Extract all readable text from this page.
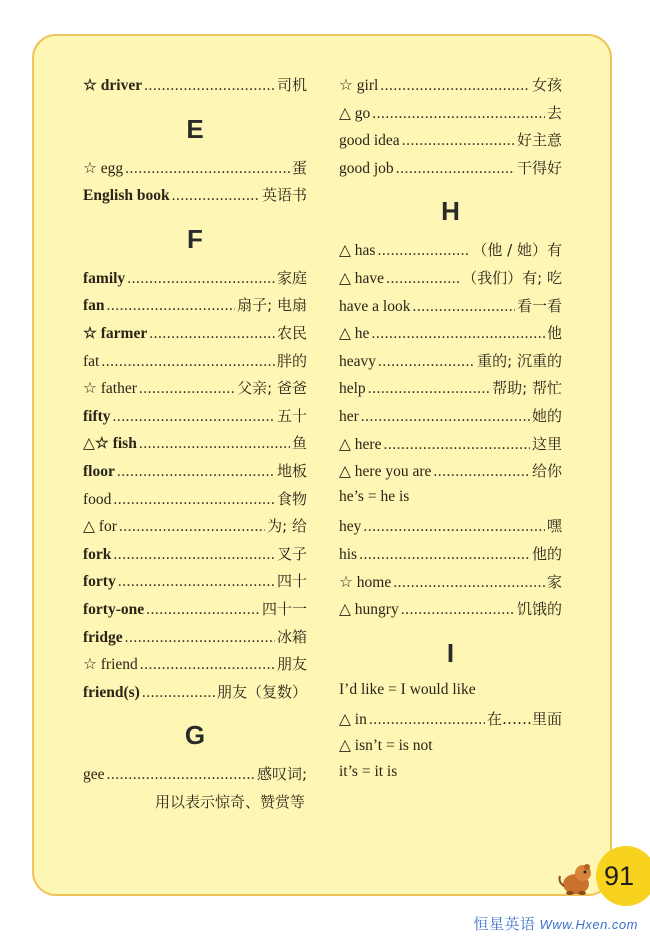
☆ driver .....	司机
E
☆ egg .....	蛋
English book .....	英语书
F
family .....	家庭
fan .....	扇子; 电扇
☆ farmer .....	农民
fat .....	胖的
☆ father .....	父亲; 爸爸
fifty .....	五十
△☆ fish .....	鱼
floor .....	地板
food .....	食物
△ for .....	为; 给
fork .....	叉子
forty .....	四十
forty-one .....	四十一
fridge .....	冰箱
☆ friend .....	朋友
friend(s) .....	朋友（复数）
G
gee .....	感叹词;
用以表示惊奇、赞赏等
☆ girl .....	女孩
△ go .....	去
good idea .....	好主意
good job .....	干得好
H
△ has .....	（他 / 她）有
△ have .....	（我们）有; 吃
have a look .....	看一看
△ he .....	他
heavy .....	重的; 沉重的
help .....	帮助; 帮忙
her .....	她的
△ here .....	这里
△ here you are .....	给你
he’s = he is
hey .....	嘿
his .....	他的
☆ home .....	家
△ hungry .....	饥饿的
I
I’d like = I would like
△ in .....	在……里面
△ isn’t = is not
it’s = it is
91
恒星英语 Www.Hxen.com
